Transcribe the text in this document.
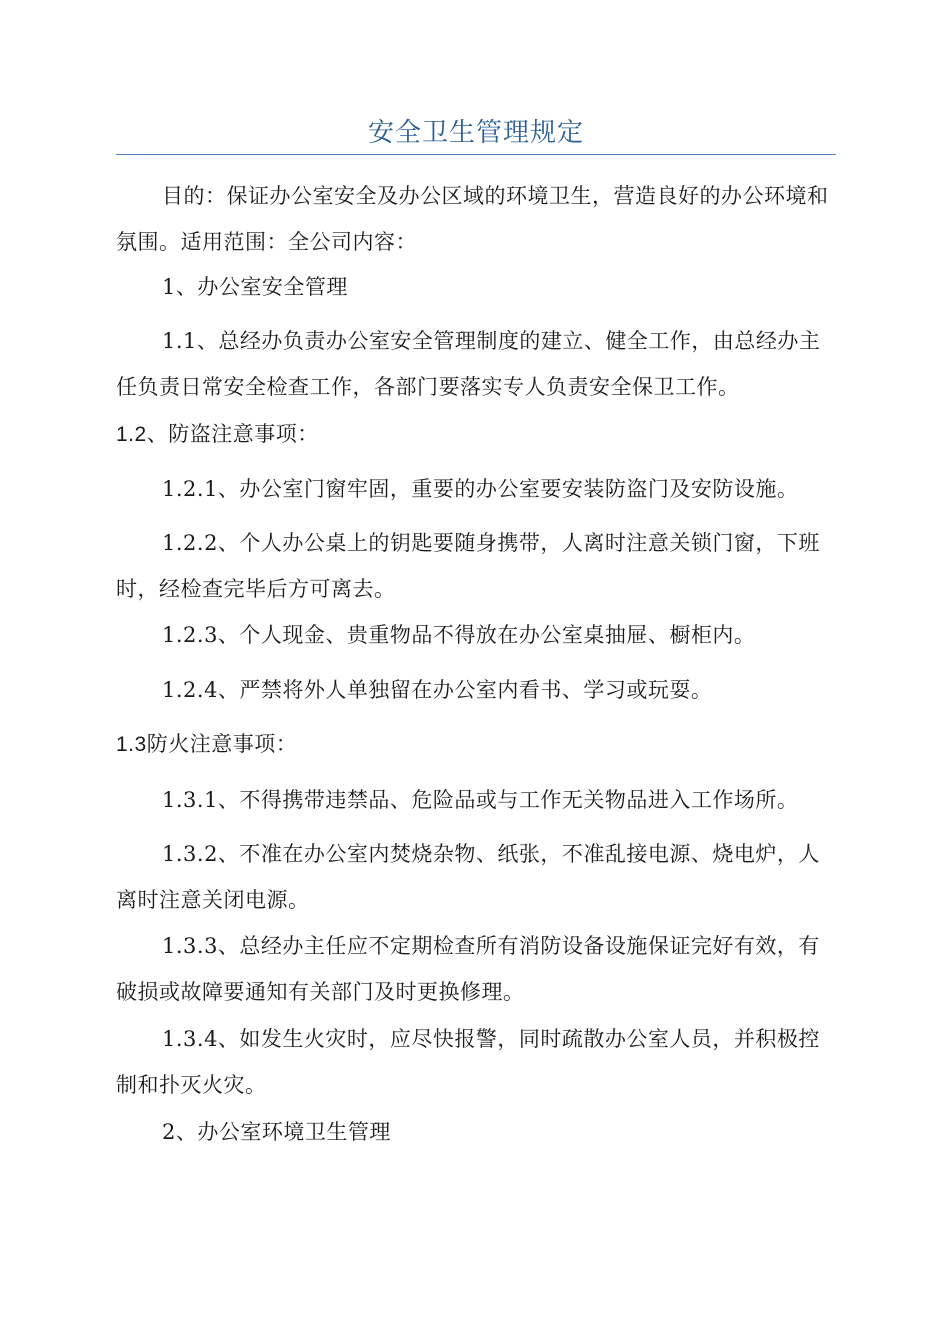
安全卫生管理规定

目的：保证办公室安全及办公区域的环境卫生，营造良好的办公环境和氛围。适用范围：全公司内容：

1、办公室安全管理

1.1、总经办负责办公室安全管理制度的建立、健全工作，由总经办主任负责日常安全检查工作，各部门要落实专人负责安全保卫工作。

1.2、防盗注意事项：

1.2.1、办公室门窗牢固，重要的办公室要安装防盗门及安防设施。

1.2.2、个人办公桌上的钥匙要随身携带，人离时注意关锁门窗，下班时，经检查完毕后方可离去。

1.2.3、个人现金、贵重物品不得放在办公室桌抽屉、橱柜内。

1.2.4、严禁将外人单独留在办公室内看书、学习或玩耍。

1.3防火注意事项：

1.3.1、不得携带违禁品、危险品或与工作无关物品进入工作场所。

1.3.2、不准在办公室内焚烧杂物、纸张，不准乱接电源、烧电炉，人离时注意关闭电源。

1.3.3、总经办主任应不定期检查所有消防设备设施保证完好有效，有破损或故障要通知有关部门及时更换修理。

1.3.4、如发生火灾时，应尽快报警，同时疏散办公室人员，并积极控制和扑灭火灾。

2、办公室环境卫生管理
